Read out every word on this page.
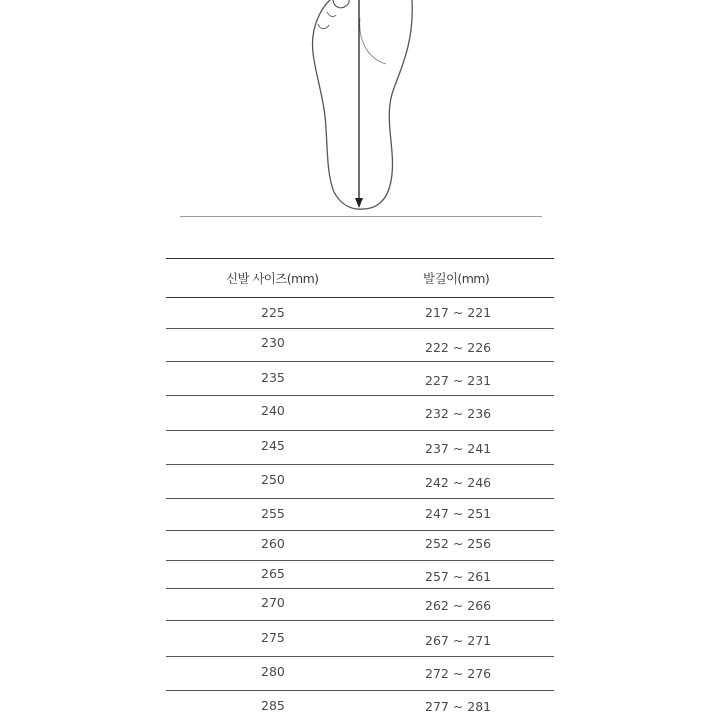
신발 사이즈(mm)	발길이(mm)
225	217 ~ 221
230	222 ~ 226
235	227 ~ 231
240	232 ~ 236
245	237 ~ 241
250	242 ~ 246
255	247 ~ 251
260	252 ~ 256
265	257 ~ 261
270	262 ~ 266
275	267 ~ 271
280	272 ~ 276
285	277 ~ 281
